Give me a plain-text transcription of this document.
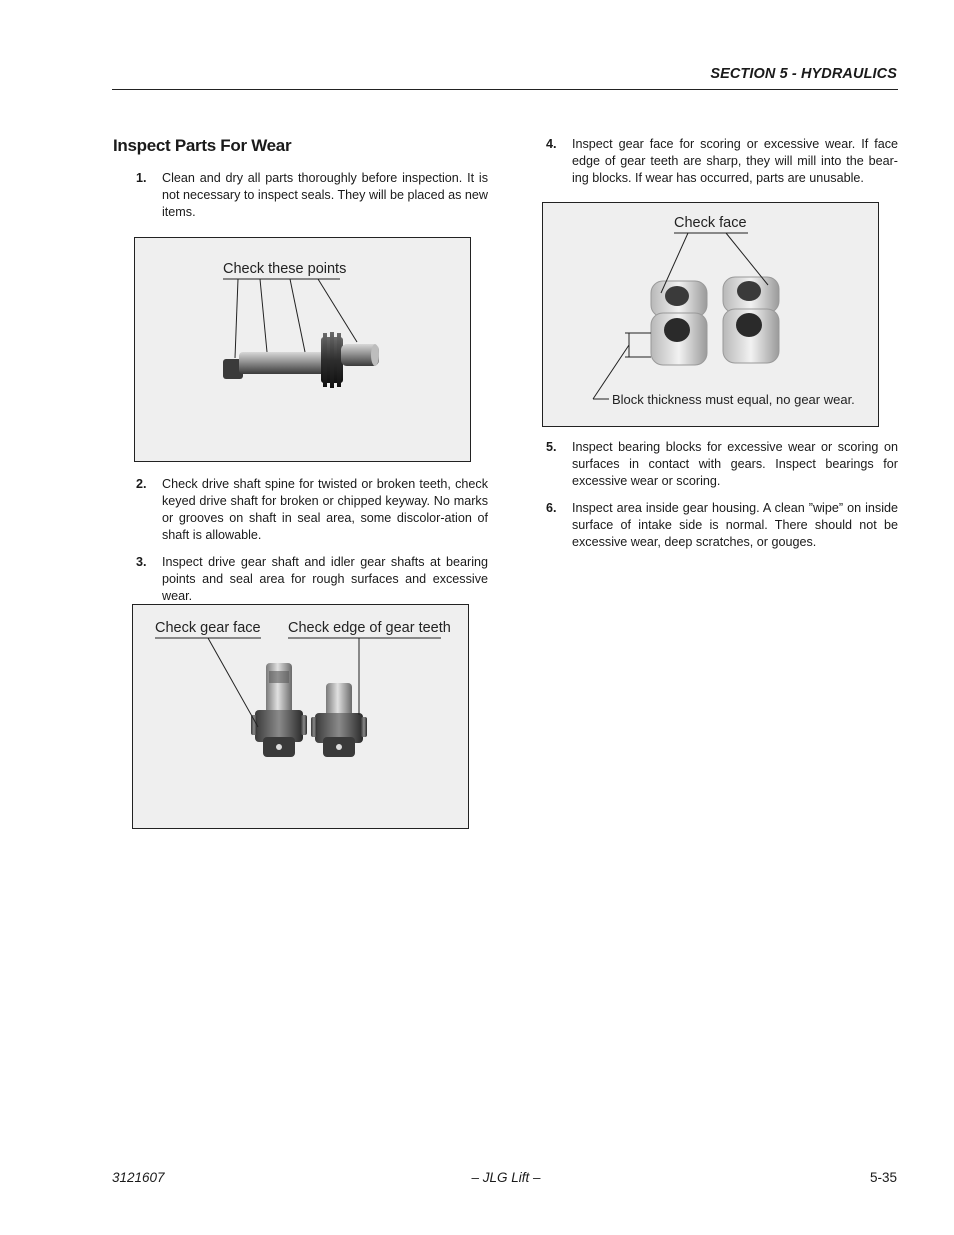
SECTION 5 - HYDRAULICS
Inspect Parts For Wear
1. Clean and dry all parts thoroughly before inspection. It is not necessary to inspect seals. They will be placed as new items.
Check these points
2. Check drive shaft spine for twisted or broken teeth, check keyed drive shaft for broken or chipped keyway. No marks or grooves on shaft in seal area, some discolor-ation of shaft is allowable.
3. Inspect drive gear shaft and idler gear shafts at bearing points and seal area for rough surfaces and excessive wear.
Check gear face Check edge of gear teeth
4. Inspect gear face for scoring or excessive wear. If face edge of gear teeth are sharp, they will mill into the bear-ing blocks. If wear has occurred, parts are unusable.
Check face
Block thickness must equal, no gear wear.
5. Inspect bearing blocks for excessive wear or scoring on surfaces in contact with gears. Inspect bearings for excessive wear or scoring.
6. Inspect area inside gear housing. A clean ”wipe” on inside surface of intake side is normal. There should not be excessive wear, deep scratches, or gouges.
3121607	– JLG Lift –	5-35
